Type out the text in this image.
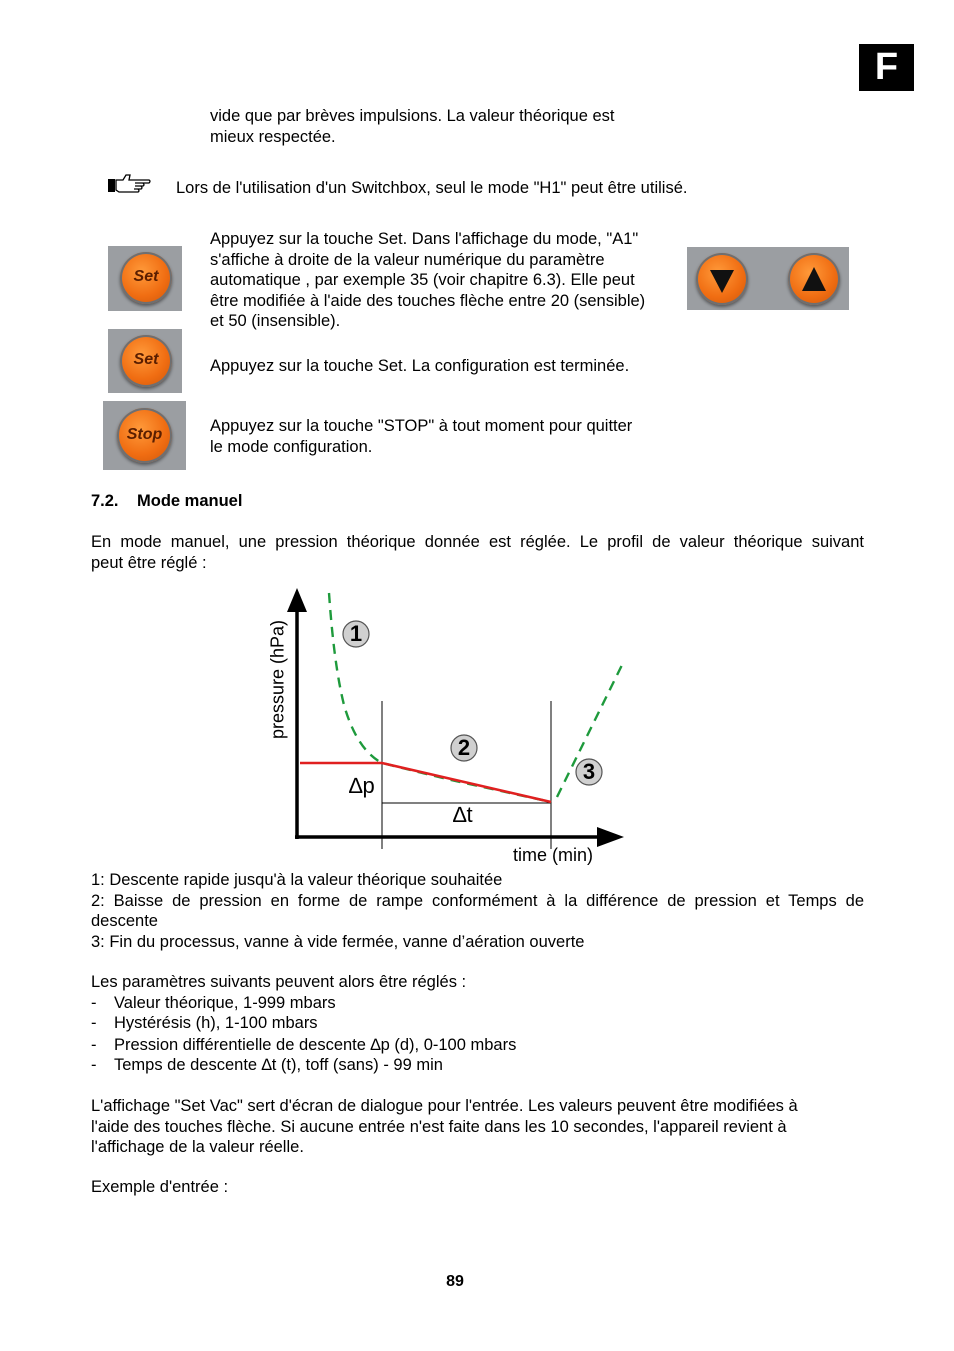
F
vide que par brèves impulsions. La valeur théorique est
mieux respectée.
Lors de l'utilisation d'un Switchbox, seul le mode "H1" peut être utilisé.
Set
Appuyez sur la touche Set. Dans l'affichage du mode, "A1"
s'affiche à droite de la valeur numérique du paramètre
automatique , par exemple 35 (voir chapitre 6.3). Elle peut
être modifiée à l'aide des touches flèche entre 20 (sensible)
et 50 (insensible).
Set	Appuyez sur la touche Set. La configuration est terminée.
Stop	Appuyez sur la touche "STOP" à tout moment pour quitter
le mode configuration.
7.2. Mode manuel
En mode manuel, une pression théorique donnée est réglée. Le profil de valeur théorique suivant
peut être réglé :
1
2
3
∆p
∆t
time (min)
pressure (hPa)
1: Descente rapide jusqu'à la valeur théorique souhaitée
2: Baisse de pression en forme de rampe conformément à la différence de pression et Temps de
descente
3: Fin du processus, vanne à vide fermée, vanne d’aération ouverte
Les paramètres suivants peuvent alors être réglés :
-	Valeur théorique, 1-999 mbars
-	Hystérésis (h), 1-100 mbars
-	Pression différentielle de descente ∆p (d), 0-100 mbars
-	Temps de descente ∆t (t), toff (sans) - 99 min
L'affichage "Set Vac" sert d'écran de dialogue pour l'entrée. Les valeurs peuvent être modifiées à
l'aide des touches flèche. Si aucune entrée n'est faite dans les 10 secondes, l'appareil revient à
l'affichage de la valeur réelle.
Exemple d'entrée :
89
